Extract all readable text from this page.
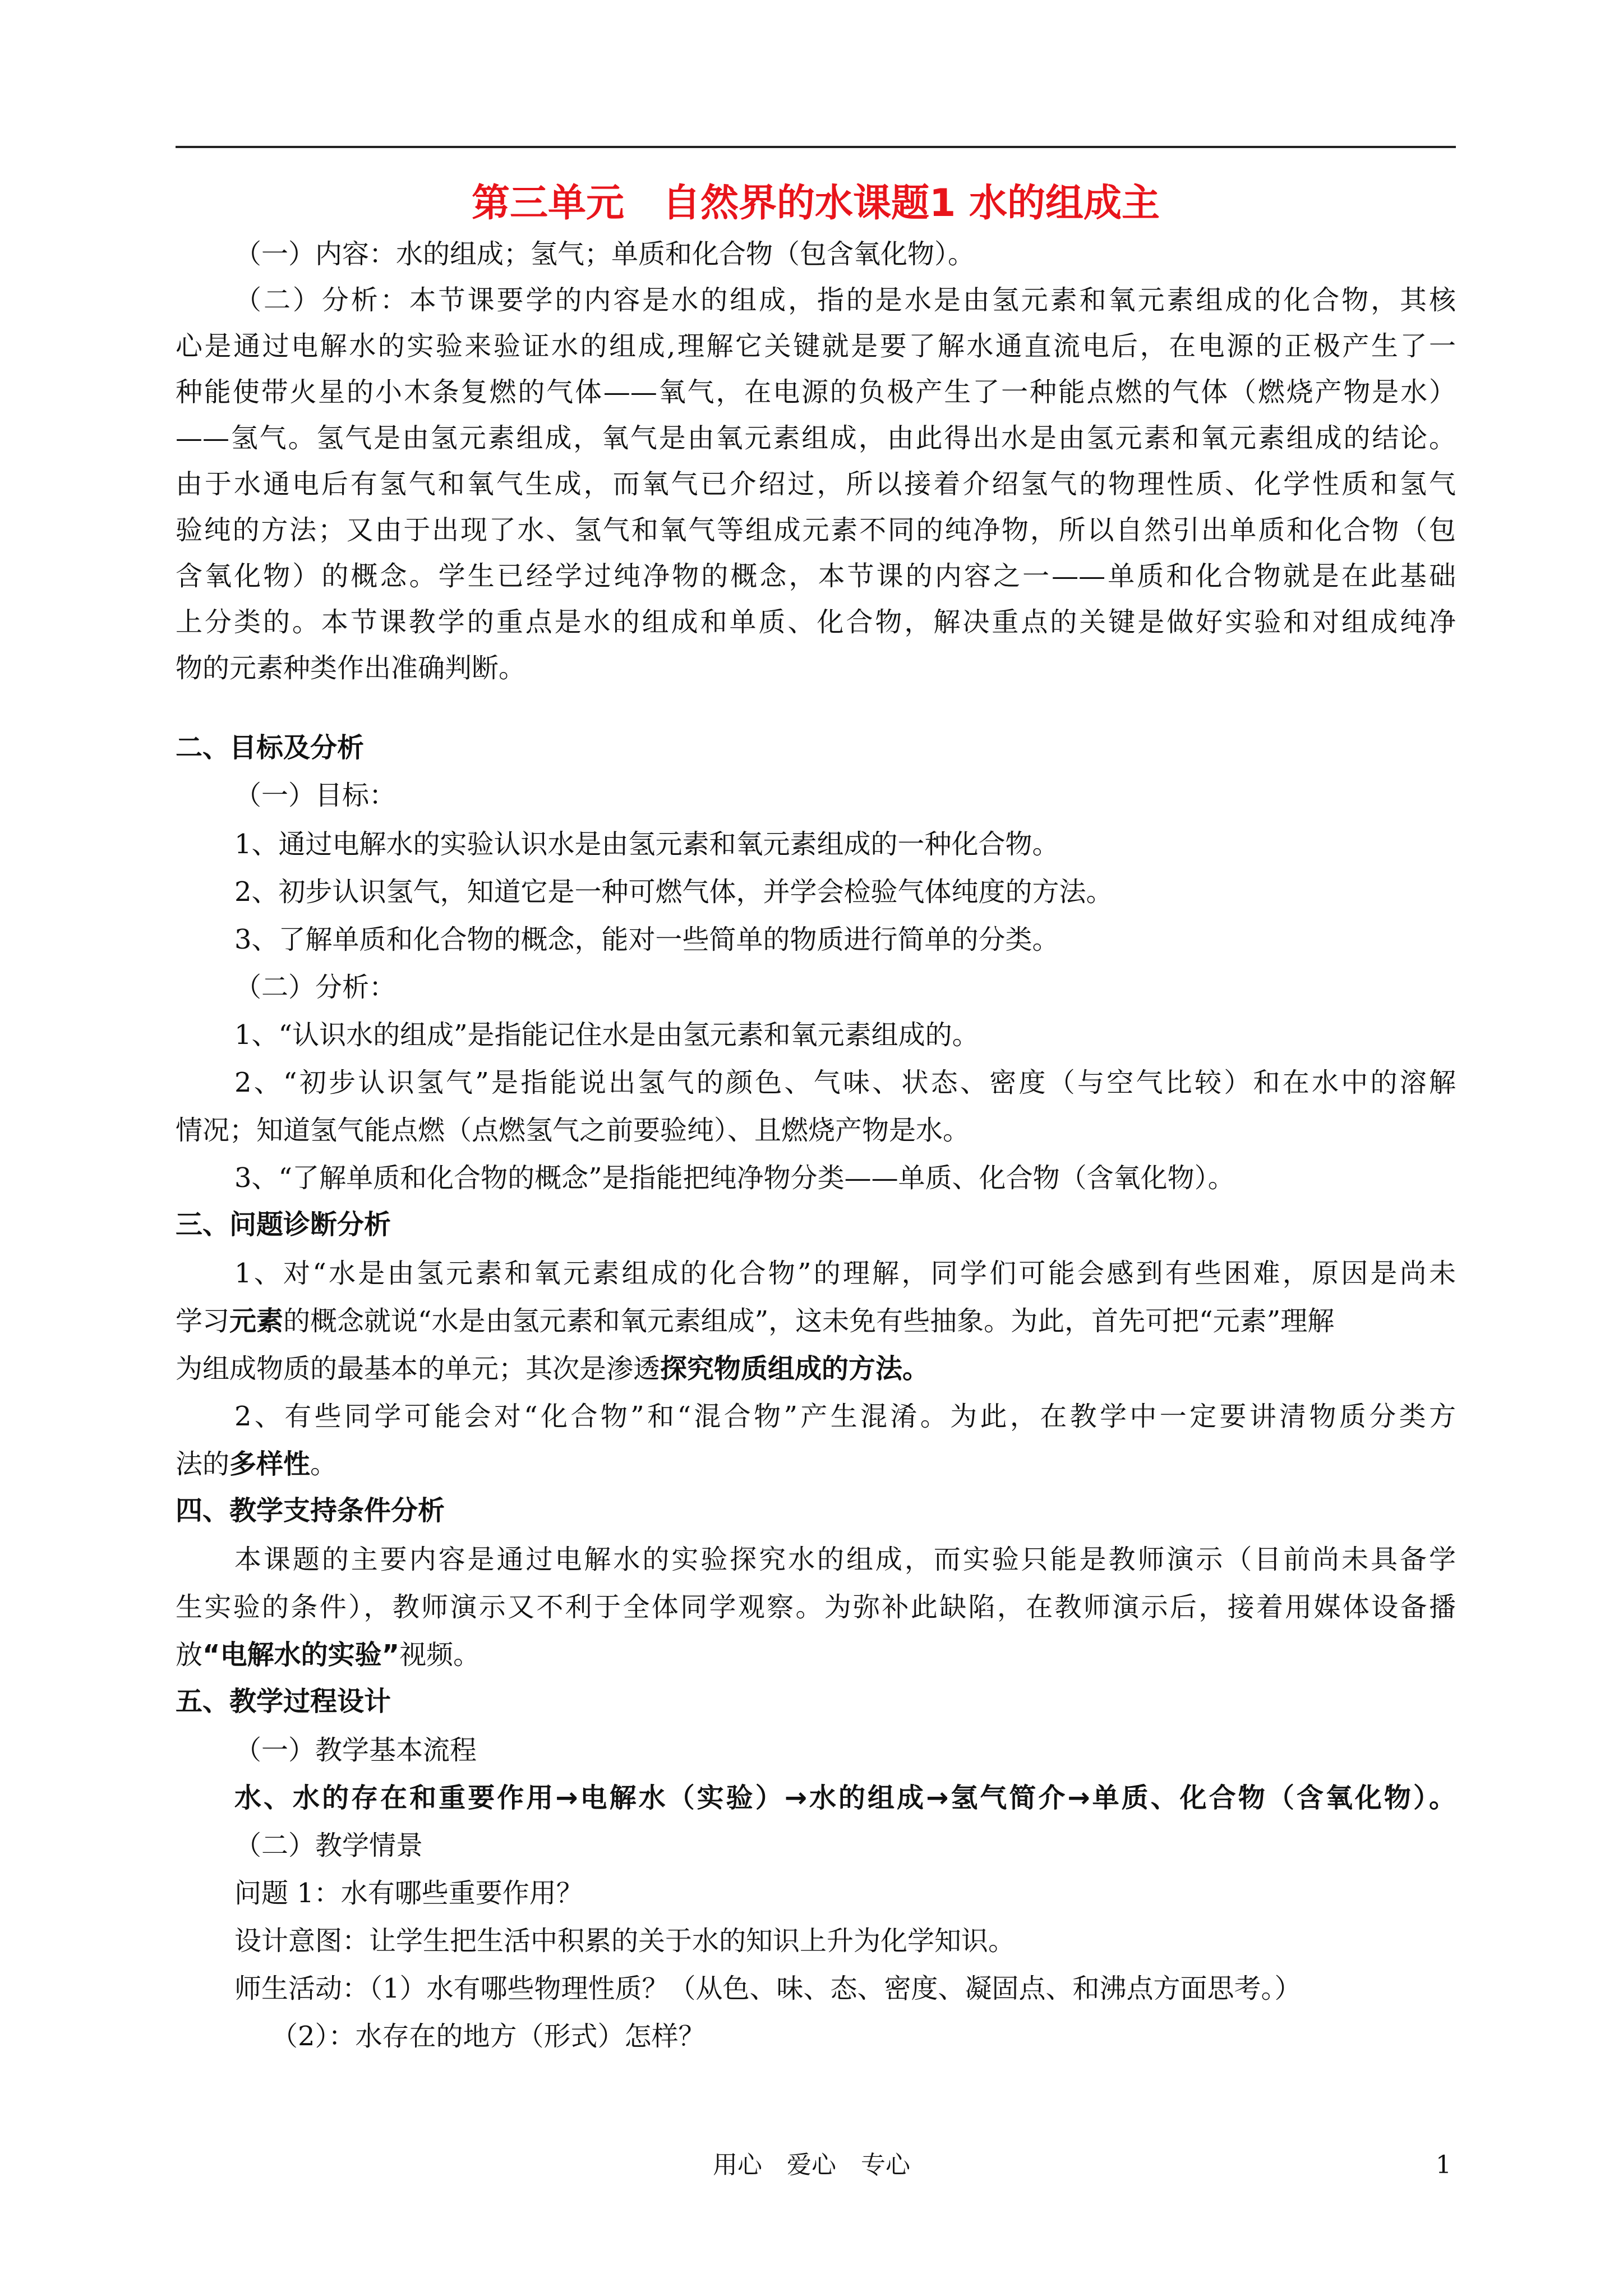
第三单元　自然界的水课题1 水的组成主
（一）内容：水的组成；氢气；单质和化合物（包含氧化物）。
（二）分析：本节课要学的内容是水的组成，指的是水是由氢元素和氧元素组成的化合物，其核
心是通过电解水的实验来验证水的组成,理解它关键就是要了解水通直流电后，在电源的正极产生了一
种能使带火星的小木条复燃的气体——氧气，在电源的负极产生了一种能点燃的气体（燃烧产物是水）
——氢气。氢气是由氢元素组成，氧气是由氧元素组成，由此得出水是由氢元素和氧元素组成的结论。
由于水通电后有氢气和氧气生成，而氧气已介绍过，所以接着介绍氢气的物理性质、化学性质和氢气
验纯的方法；又由于出现了水、氢气和氧气等组成元素不同的纯净物，所以自然引出单质和化合物（包
含氧化物）的概念。学生已经学过纯净物的概念，本节课的内容之一——单质和化合物就是在此基础
上分类的。本节课教学的重点是水的组成和单质、化合物，解决重点的关键是做好实验和对组成纯净
物的元素种类作出准确判断。
二、目标及分析
（一）目标：
1、通过电解水的实验认识水是由氢元素和氧元素组成的一种化合物。
2、初步认识氢气，知道它是一种可燃气体，并学会检验气体纯度的方法。
3、了解单质和化合物的概念，能对一些简单的物质进行简单的分类。
（二）分析：
1、“认识水的组成”是指能记住水是由氢元素和氧元素组成的。
2、“初步认识氢气”是指能说出氢气的颜色、气味、状态、密度（与空气比较）和在水中的溶解
情况；知道氢气能点燃（点燃氢气之前要验纯）、且燃烧产物是水。
3、“了解单质和化合物的概念”是指能把纯净物分类——单质、化合物（含氧化物）。
三、问题诊断分析
1、对“水是由氢元素和氧元素组成的化合物”的理解，同学们可能会感到有些困难，原因是尚未
学习元素的概念就说“水是由氢元素和氧元素组成”，这未免有些抽象。为此，首先可把“元素”理解
为组成物质的最基本的单元；其次是渗透探究物质组成的方法。
2、有些同学可能会对“化合物”和“混合物”产生混淆。为此，在教学中一定要讲清物质分类方
法的多样性。
四、教学支持条件分析
本课题的主要内容是通过电解水的实验探究水的组成，而实验只能是教师演示（目前尚未具备学
生实验的条件），教师演示又不利于全体同学观察。为弥补此缺陷，在教师演示后，接着用媒体设备播
放“电解水的实验”视频。
五、教学过程设计
（一）教学基本流程
水、水的存在和重要作用→电解水（实验）→水的组成→氢气简介→单质、化合物（含氧化物）。
（二）教学情景
问题 1：水有哪些重要作用？
设计意图：让学生把生活中积累的关于水的知识上升为化学知识。
师生活动：（1）水有哪些物理性质？（从色、味、态、密度、凝固点、和沸点方面思考。）
（2）：水存在的地方（形式）怎样？
用心　爱心　专心	1
